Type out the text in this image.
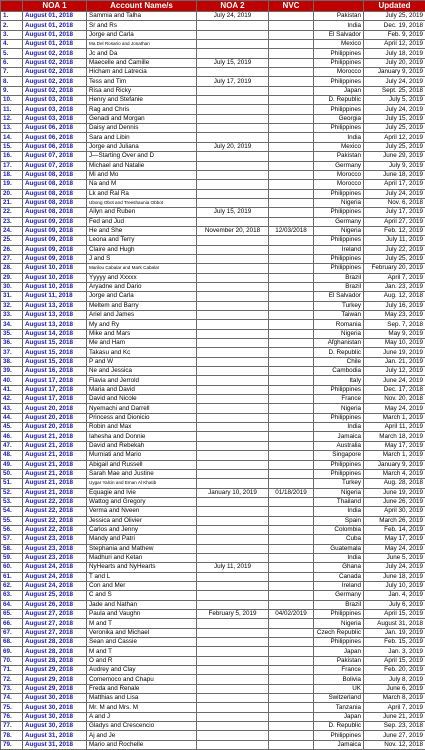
	NOA 1	Account Name/s	NOA 2	NVC		Updated
1.	August 01, 2018	Sammia and Talha	July 24, 2019		Pakistan	July 25, 2019
2.	August 01, 2018	Sr and Rs			India	Dec. 19, 2018
3.	August 01, 2018	Jorge and Carla			El Salvador	Feb. 9, 2019
4.	August 01, 2018	Ma Del Rosario and Jonathan			Mexico	April 12, 2019
5.	August 02, 2018	Jc and Da			Philippines	July 18, 2019
6.	August 02, 2018	Maecelle and Camille	July 15, 2019		Philippines	July 20, 2019
7.	August 02, 2018	Hicham and Latrecia			Morocco	January 9, 2019
8.	August 02, 2018	Tess and Tim	July 17, 2019		Philippines	July 24, 2019
9.	August 02, 2018	Risa and Ricky			Japan	Sept. 25, 2018
10.	August 03, 2018	Henry and Stefanie			D. Republic	July 5, 2019
11.	August 03, 2018	Rag and Chris			Philippines	July 24, 2019
12.	August 03, 2018	Genadi and Morgan			Georgia	July 15, 2019
13.	August 06, 2018	Daisy and Dennis			Philippines	July 25, 2019
14.	August 06, 2018	Sara and Libin			India	April 12, 2019
15.	August 06, 2018	Jorge and Juliana	July 20, 2019		Mexico	July 25, 2019
16.	August 07, 2018	J—Starting Over and D			Pakistan	June 29, 2019
17.	August 07, 2018	Michael and Natalie			Germany	July 9, 2019
18.	August 08, 2018	Mi and Mo			Morocco	June 18, 2019
19.	August 08, 2018	Na and M			Morocco	April 17, 2019
20.	August 08, 2018	Lk and Ral Ra			Philippines	July 24, 2019
21.	August 08, 2018	Ubong Obot and Treeshaunia Obbot			Nigeria	Nov. 6, 2018
22.	August 08, 2018	Ailyn and Ruben	July 15, 2019		Philippines	July 17, 2019
23.	August 09, 2018	Fed and Jud			Germany	April 27, 2019
24.	August 09, 2018	He and She	November 20, 2018	12/03/2018	Nigeria	Feb. 12, 2019
25.	August 09, 2018	Leona and Terry			Philippines	July 11, 2019
26.	August 09, 2018	Claire and Hugh			Ireland	July 22, 2019
27.	August 09, 2018	J and S			Philippines	July 25, 2019
28.	August 10, 2018	Marilou Cabalar and Mark Cabalar			Philippines	February 20, 2019
29.	August 10, 2018	Yyyyy and Xxxxx			Brazil	April 7, 2019
30.	August 10, 2018	Aryadne and Dario			Brazil	Jan. 23, 2019
31.	August 11, 2018	Jorge and Carla			El Salvador	Aug. 12, 2018
32.	August 13, 2018	Meltem and Barry			Turkey	July 16, 2019
33.	August 13, 2018	Ariel and James			Taiwan	May 23, 2019
34.	August 13, 2018	My and Ry			Romania	Sep. 7, 2018
35.	August 14, 2018	Mike and Mars			Nigeria	May 9, 2019
36.	August 15, 2018	Me and Ham			Afghanistan	May 10, 2019
37.	August 15, 2018	Takasu and Kc			D. Republic	June 19, 2019
38.	August 15, 2018	P and W			Chile	Jan. 21, 2019
39.	August 16, 2018	Ne and Jessica			Cambodia	July 12, 2019
40.	August 17, 2018	Flavia and Jerrold			Italy	June 24, 2019
41.	August 17, 2018	Maria and David			Philippines	Dec. 17, 2018
42.	August 17, 2018	David and Nicole			France	Nov. 20, 2018
43.	August 20, 2018	Nyemachi and Darrell			Nigeria	May 24, 2019
44.	August 20, 2018	Princess and Dionicio			Philippines	March 1, 2019
45.	August 20, 2018	Robin and Max			India	April 11, 2019
46.	August 21, 2018	Iahesha and Donnie			Jamaica	March 18, 2019
47.	August 21, 2018	David and Rebekah			Australia	May 17, 2019
48.	August 21, 2018	Murniati and Mario			Singapore	March 1, 2019
49.	August 21, 2018	Abigail and Russell			Philippines	January 9, 2019
50.	August 21, 2018	Sarah Mae and Justine			Philippines	March 4, 2019
51.	August 21, 2018	Uygar Yalcin and Eman Al Khatib			Turkey	Aug. 28, 2018
52.	August 21, 2018	Equagie and Ivie	January 10, 2019	01/18/2019	Nigeria	June 19, 2019
53.	August 22, 2018	Wattog and Gregory			Thailand	June 26, 2019
54.	August 22, 2018	Verma and Nveen			India	April 30, 2019
55.	August 22, 2018	Jessica and Olivier			Spain	March 26, 2019
56.	August 22, 2018	Carlos and Jenny			Colombia	Feb. 14, 2019
57.	August 23, 2018	Mandy and Patri			Cuba	May 17, 2019
58.	August 23, 2018	Stephania and Mathew			Guatemala	May 24, 2019
59.	August 23, 2018	Madhuri and Ketan			India	June 5, 2019
60.	August 24, 2018	NyHearts and NyHearts	July 11, 2019		Ghana	July 24, 2019
61.	August 24, 2018	T and L			Canada	June 18, 2019
62.	August 24, 2018	Con and Mer			Ireland	July 10, 2019
63.	August 25, 2018	C and S			Germany	Jan. 4, 2019
64.	August 26, 2018	Jade and Nathan			Brazil	July 6, 2019
65.	August 27, 2018	Paula and Vaughn	February 5, 2019	04/02/2019	Philippines	April 15, 2019
66.	August 27, 2018	M and T			Nigeria	August 31, 2018
67.	August 27, 2018	Veronika and Michael			Czech Republic	Jan. 19, 2019
68.	August 28, 2018	Sean and Cassie			Philippines	Feb. 15, 2019
69.	August 28, 2018	M and T			Japan	Jan. 3, 2019
70.	August 28, 2018	O and R			Pakistan	April 15, 2019
71.	August 29, 2018	Audrey and Clay			France	Feb. 20, 2019
72.	August 29, 2018	Comemoco and Chapu			Bolivia	July 8, 2019
73.	August 29, 2018	Freda and Renale			UK	June 6, 2019
74.	August 30, 2018	Matthias and Lisa			Switzerland	March 8, 2019
75.	August 30, 2018	Mr. M and Mrs. M			Tanzania	April 7, 2019
76.	August 30, 2018	A and J			Japan	June 21, 2019
77.	August 30, 2018	Gladys and Crescencio			D. Republic	Sep. 23, 2018
78.	August 31, 2018	Aj and Je			Philippines	June 27, 2019
79.	August 31, 2018	Mario and Rochelle			Jamaica	Nov. 12, 2018
